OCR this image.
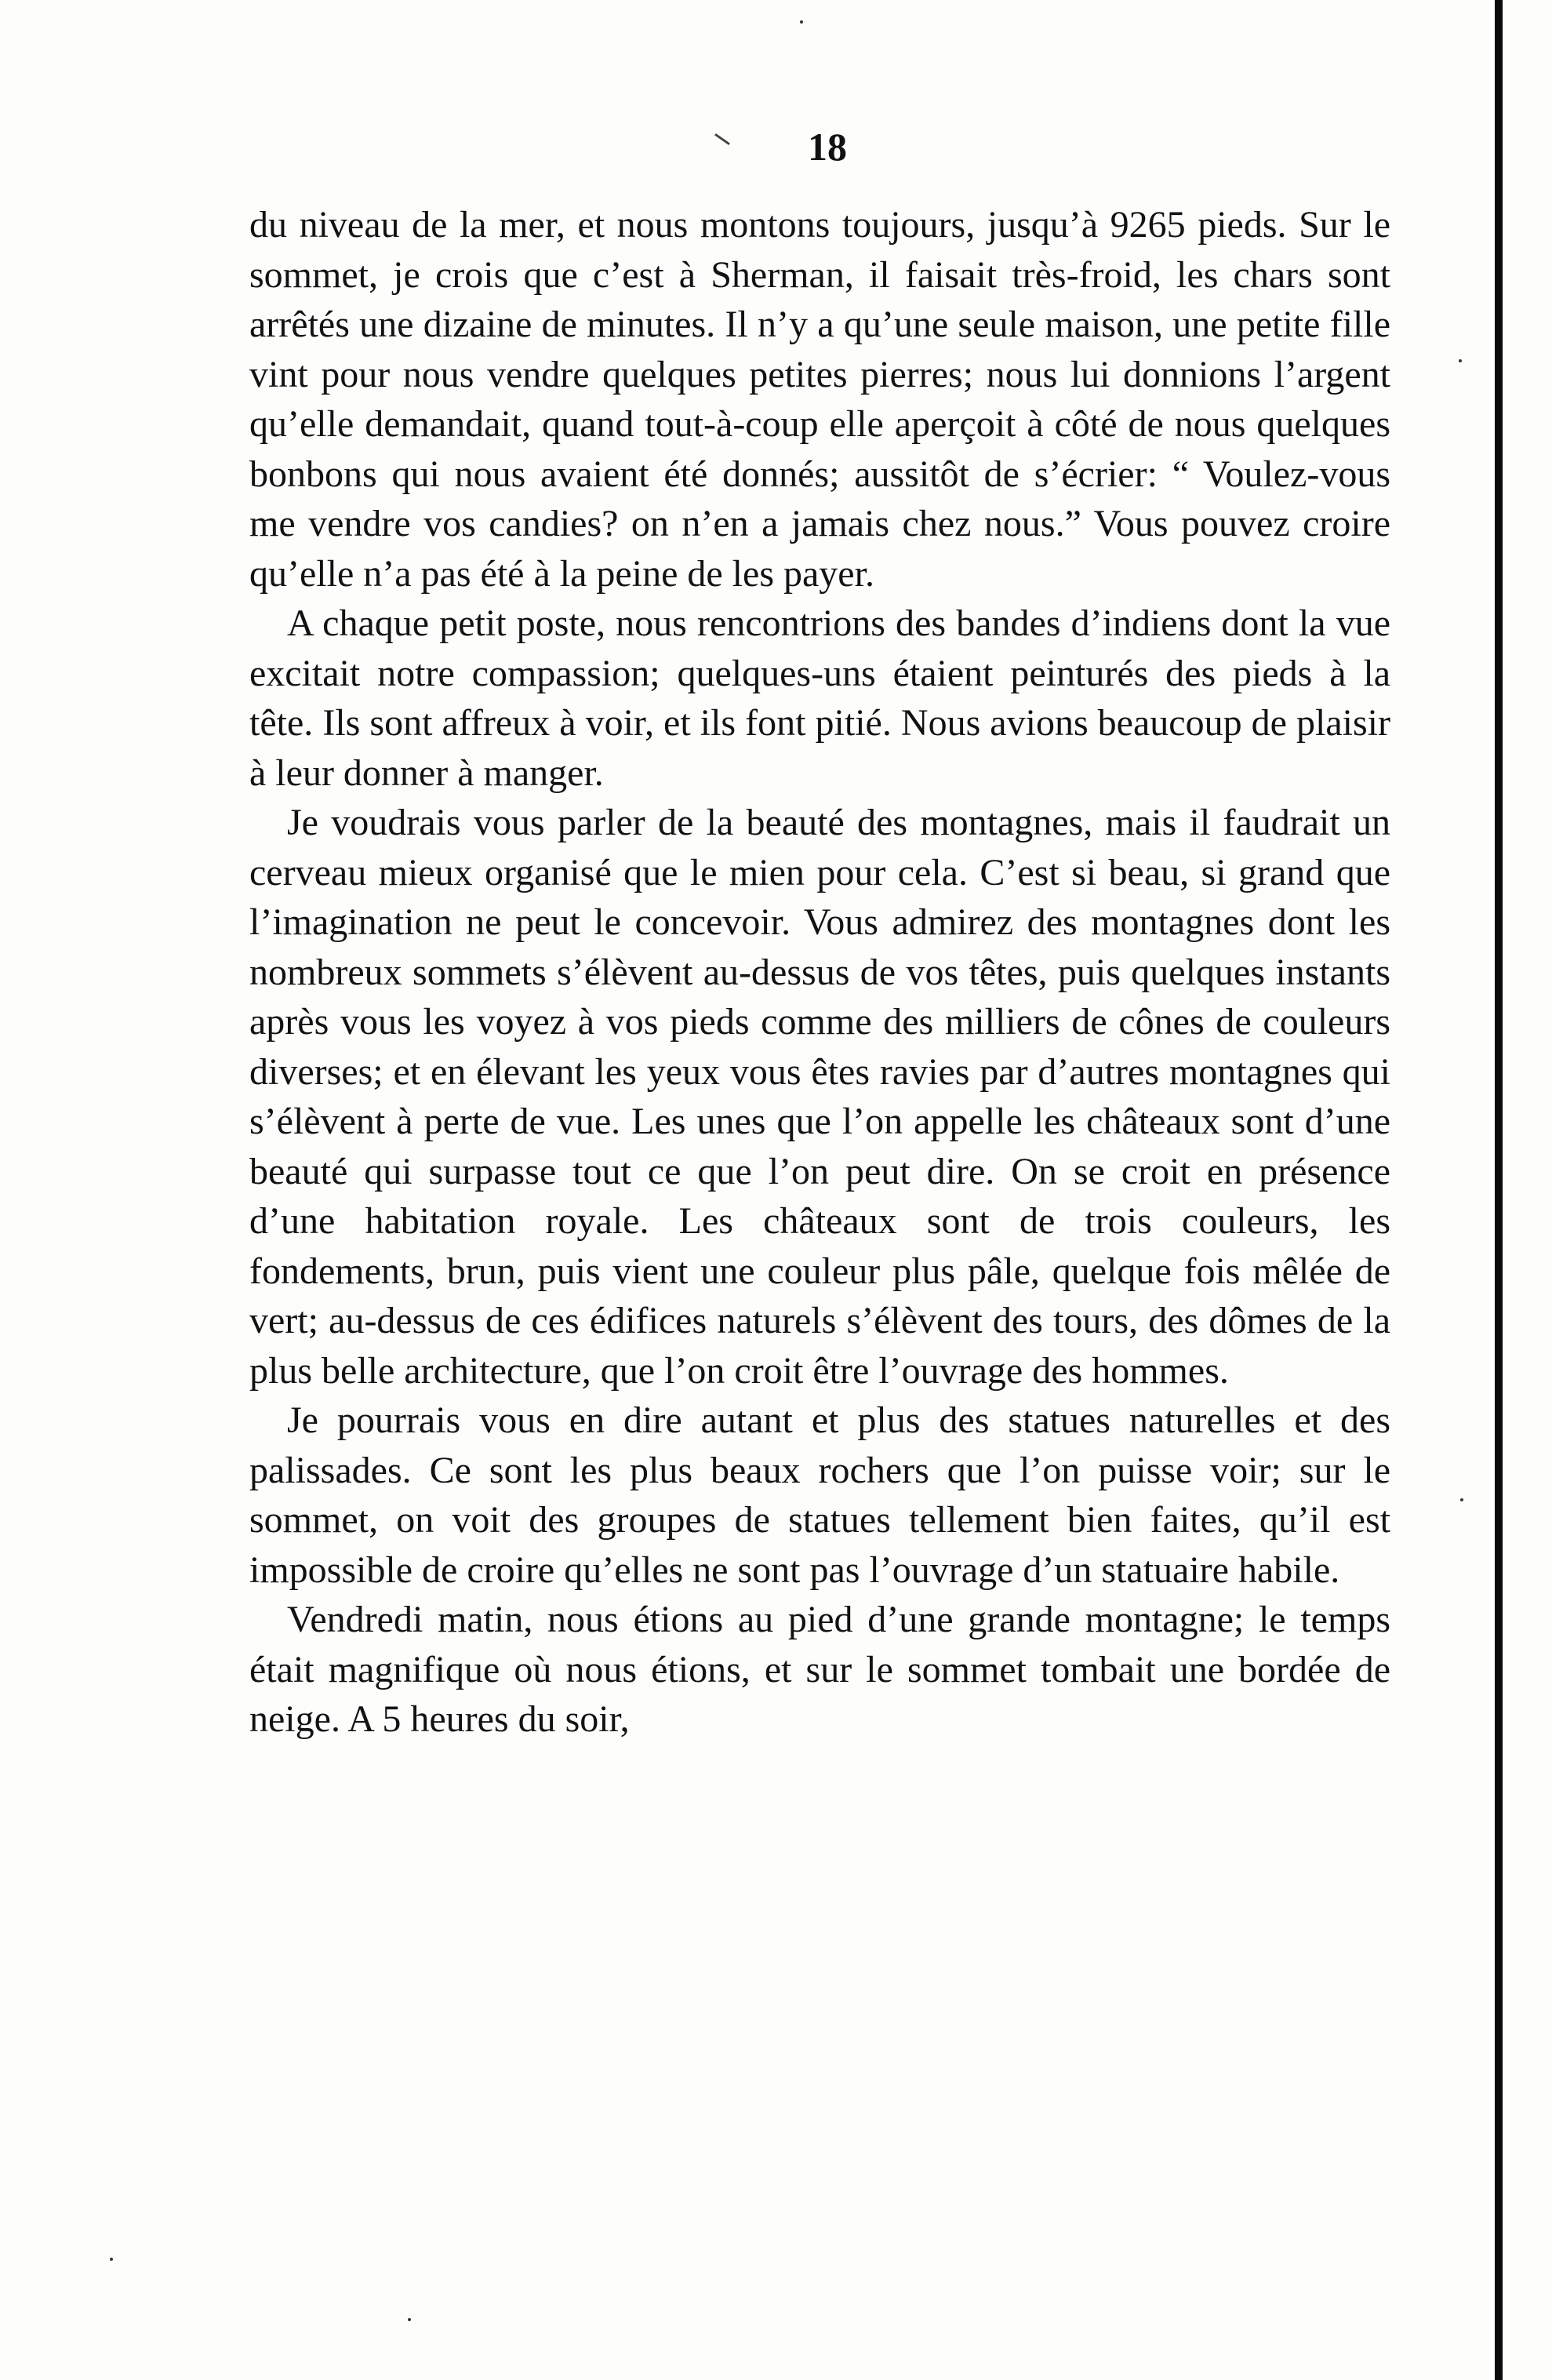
18

du niveau de la mer, et nous montons toujours, jusqu’à 9265 pieds. Sur le sommet, je crois que c’est à Sherman, il faisait très-froid, les chars sont arrêtés une dizaine de minutes. Il n’y a qu’une seule maison, une petite fille vint pour nous vendre quelques petites pierres; nous lui donnions l’argent qu’elle demandait, quand tout-à-coup elle aperçoit à côté de nous quelques bonbons qui nous avaient été donnés; aussitôt de s’écrier: “ Voulez-vous me vendre vos candies? on n’en a jamais chez nous.” Vous pouvez croire qu’elle n’a pas été à la peine de les payer.

A chaque petit poste, nous rencontrions des bandes d’indiens dont la vue excitait notre compassion; quelques-uns étaient peinturés des pieds à la tête. Ils sont affreux à voir, et ils font pitié. Nous avions beaucoup de plaisir à leur donner à manger.

Je voudrais vous parler de la beauté des montagnes, mais il faudrait un cerveau mieux organisé que le mien pour cela. C’est si beau, si grand que l’imagination ne peut le concevoir. Vous admirez des montagnes dont les nombreux sommets s’élèvent au-dessus de vos têtes, puis quelques instants après vous les voyez à vos pieds comme des milliers de cônes de couleurs diverses; et en élevant les yeux vous êtes ravies par d’autres montagnes qui s’élèvent à perte de vue. Les unes que l’on appelle les châteaux sont d’une beauté qui surpasse tout ce que l’on peut dire. On se croit en présence d’une habitation royale. Les châteaux sont de trois couleurs, les fondements, brun, puis vient une couleur plus pâle, quelque fois mêlée de vert; au-dessus de ces édifices naturels s’élèvent des tours, des dômes de la plus belle architecture, que l’on croit être l’ouvrage des hommes.

Je pourrais vous en dire autant et plus des statues naturelles et des palissades. Ce sont les plus beaux rochers que l’on puisse voir; sur le sommet, on voit des groupes de statues tellement bien faites, qu’il est impossible de croire qu’elles ne sont pas l’ouvrage d’un statuaire habile.

Vendredi matin, nous étions au pied d’une grande montagne; le temps était magnifique où nous étions, et sur le sommet tombait une bordée de neige. A 5 heures du soir,
